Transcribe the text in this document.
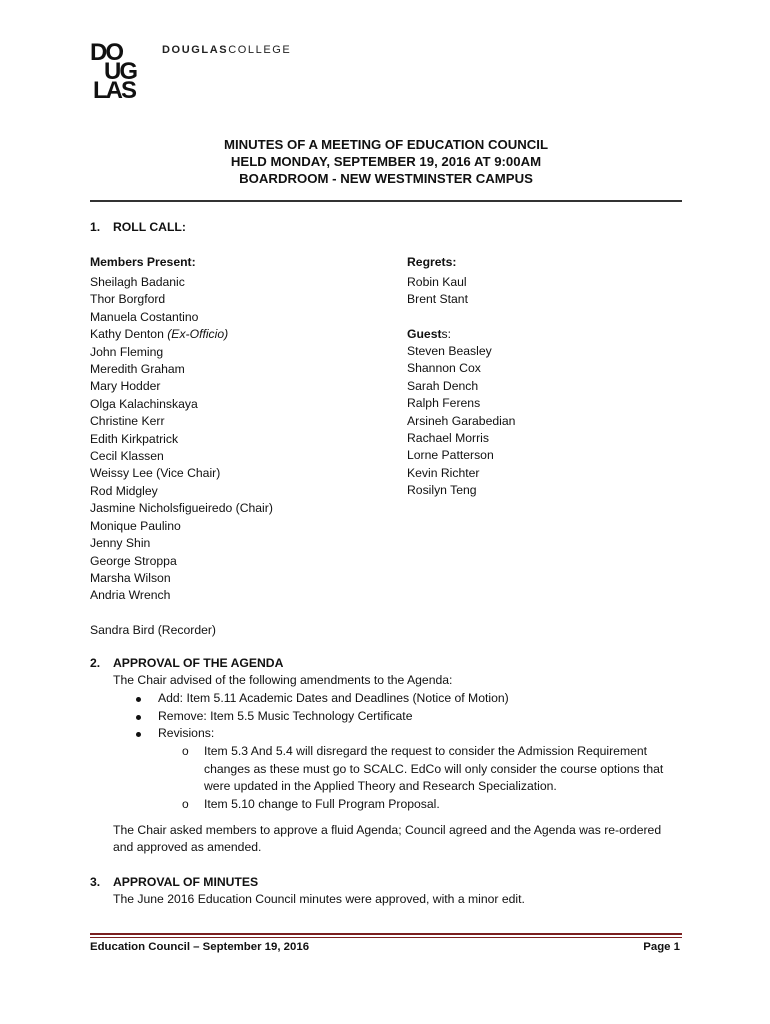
DO
UG
LAS
DOUGLASCOLLEGE
MINUTES OF A MEETING OF EDUCATION COUNCIL
HELD MONDAY, SEPTEMBER 19, 2016 AT 9:00AM
BOARDROOM - NEW WESTMINSTER CAMPUS
1. ROLL CALL:
Members Present:
Sheilagh Badanic
Thor Borgford
Manuela Costantino
Kathy Denton (Ex-Officio)
John Fleming
Meredith Graham
Mary Hodder
Olga Kalachinskaya
Christine Kerr
Edith Kirkpatrick
Cecil Klassen
Weissy Lee (Vice Chair)
Rod Midgley
Jasmine Nicholsfigueiredo (Chair)
Monique Paulino
Jenny Shin
George Stroppa
Marsha Wilson
Andria Wrench
Sandra Bird (Recorder)
Regrets:
Robin Kaul
Brent Stant
Guests:
Steven Beasley
Shannon Cox
Sarah Dench
Ralph Ferens
Arsineh Garabedian
Rachael Morris
Lorne Patterson
Kevin Richter
Rosilyn Teng
2. APPROVAL OF THE AGENDA
The Chair advised of the following amendments to the Agenda:
Add: Item 5.11 Academic Dates and Deadlines (Notice of Motion)
Remove: Item 5.5 Music Technology Certificate
Revisions:
o Item 5.3 And 5.4 will disregard the request to consider the Admission Requirement
changes as these must go to SCALC. EdCo will only consider the course options that
were updated in the Applied Theory and Research Specialization.
o Item 5.10 change to Full Program Proposal.
The Chair asked members to approve a fluid Agenda; Council agreed and the Agenda was re-ordered
and approved as amended.
3. APPROVAL OF MINUTES
The June 2016 Education Council minutes were approved, with a minor edit.
Education Council – September 19, 2016	Page 1
